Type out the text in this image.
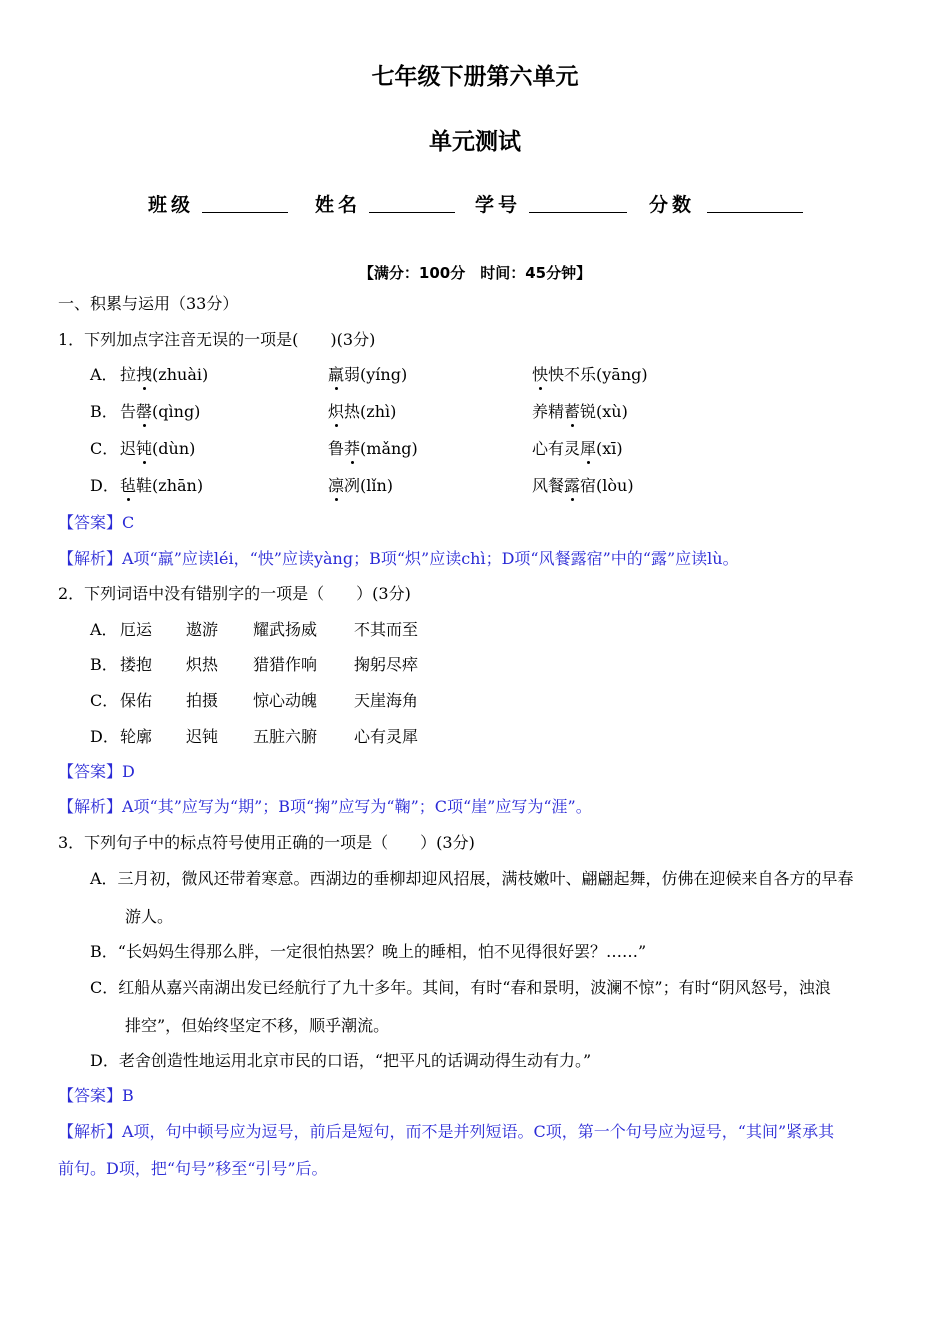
七年级下册第六单元
单元测试
班级	姓名	学号	分数
【满分：100分　时间：45分钟】
一、积累与运用（33分）
1．下列加点字注音无误的一项是(　　)(3分)
A． 拉拽(zhuài)	羸弱(yíng)	怏怏不乐(yāng)
B． 告罄(qìng)	炽热(zhì)	养精蓄锐(xù)
C． 迟钝(dùn)	鲁莽(mǎng)	心有灵犀(xī)
D． 毡鞋(zhān)	凛冽(lǐn)	风餐露宿(lòu)
【答案】C
【解析】A项“羸”应读léi，“怏”应读yàng；B项“炽”应读chì；D项“风餐露宿”中的“露”应读lù。
2．下列词语中没有错别字的一项是（　　）(3分)
A． 厄运 遨游 耀武扬威 不其而至
B． 搂抱 炽热 猎猎作响 掬躬尽瘁
C． 保佑 拍摄 惊心动魄 天崖海角
D． 轮廓 迟钝 五脏六腑 心有灵犀
【答案】D
【解析】A项“其”应写为“期”；B项“掬”应写为“鞠”；C项“崖”应写为“涯”。
3．下列句子中的标点符号使用正确的一项是（　　）(3分)
A．三月初，微风还带着寒意。西湖边的垂柳却迎风招展，满枝嫩叶、翩翩起舞，仿佛在迎候来自各方的早春
游人。
B．“长妈妈生得那么胖，一定很怕热罢？晚上的睡相，怕不见得很好罢？……”
C．红船从嘉兴南湖出发已经航行了九十多年。其间，有时“春和景明，波澜不惊”；有时“阴风怒号，浊浪
排空”，但始终坚定不移，顺乎潮流。
D．老舍创造性地运用北京市民的口语，“把平凡的话调动得生动有力。”
【答案】B
【解析】A项，句中顿号应为逗号，前后是短句，而不是并列短语。C项，第一个句号应为逗号，“其间”紧承其
前句。D项，把“句号”移至“引号”后。
